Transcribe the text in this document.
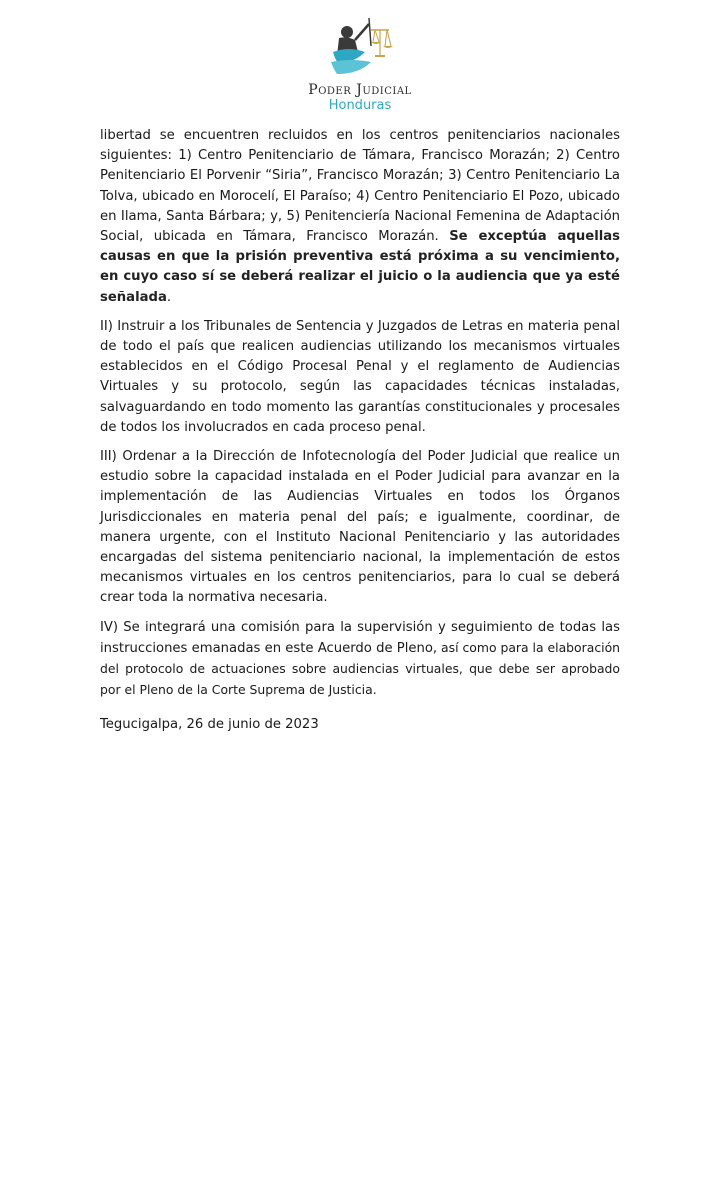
Poder Judicial
Honduras

libertad se encuentren recluidos en los centros penitenciarios nacionales siguientes: 1) Centro Penitenciario de Támara, Francisco Morazán; 2) Centro Penitenciario El Porvenir “Siria”, Francisco Morazán; 3) Centro Penitenciario La Tolva, ubicado en Morocelí, El Paraíso; 4) Centro Penitenciario El Pozo, ubicado en Ilama, Santa Bárbara; y, 5) Penitenciería Nacional Femenina de Adaptación Social, ubicada en Támara, Francisco Morazán. Se exceptúa aquellas causas en que la prisión preventiva está próxima a su vencimiento, en cuyo caso sí se deberá realizar el juicio o la audiencia que ya esté señalada.

II) Instruir a los Tribunales de Sentencia y Juzgados de Letras en materia penal de todo el país que realicen audiencias utilizando los mecanismos virtuales establecidos en el Código Procesal Penal y el reglamento de Audiencias Virtuales y su protocolo, según las capacidades técnicas instaladas, salvaguardando en todo momento las garantías constitucionales y procesales de todos los involucrados en cada proceso penal.

III) Ordenar a la Dirección de Infotecnología del Poder Judicial que realice un estudio sobre la capacidad instalada en el Poder Judicial para avanzar en la implementación de las Audiencias Virtuales en todos los Órganos Jurisdiccionales en materia penal del país; e igualmente, coordinar, de manera urgente, con el Instituto Nacional Penitenciario y las autoridades encargadas del sistema penitenciario nacional, la implementación de estos mecanismos virtuales en los centros penitenciarios, para lo cual se deberá crear toda la normativa necesaria.

IV) Se integrará una comisión para la supervisión y seguimiento de todas las instrucciones emanadas en este Acuerdo de Pleno, así como para la elaboración del protocolo de actuaciones sobre audiencias virtuales, que debe ser aprobado por el Pleno de la Corte Suprema de Justicia.

Tegucigalpa, 26 de junio de 2023
